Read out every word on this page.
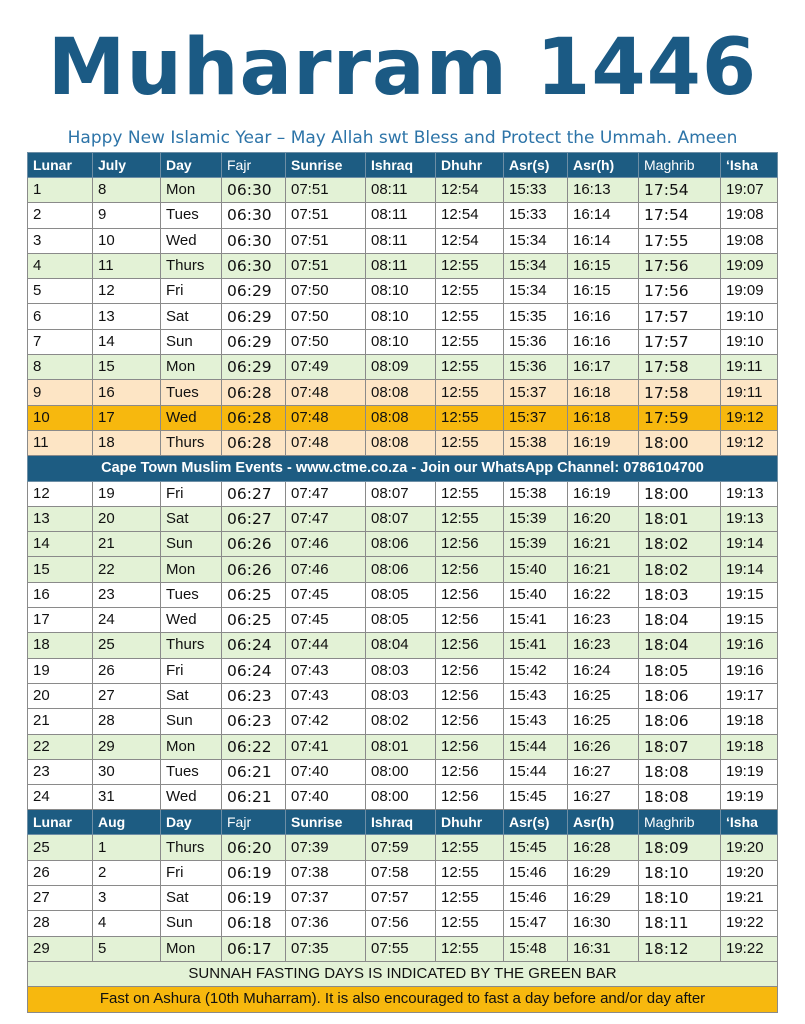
Muharram 1446
Happy New Islamic Year – May Allah swt Bless and Protect the Ummah. Ameen
Lunar	July	Day	Fajr	Sunrise	Ishraq	Dhuhr	Asr(s)	Asr(h)	Maghrib	‘Isha
1	8	Mon	06:30	07:51	08:11	12:54	15:33	16:13	17:54	19:07
2	9	Tues	06:30	07:51	08:11	12:54	15:33	16:14	17:54	19:08
3	10	Wed	06:30	07:51	08:11	12:54	15:34	16:14	17:55	19:08
4	11	Thurs	06:30	07:51	08:11	12:55	15:34	16:15	17:56	19:09
5	12	Fri	06:29	07:50	08:10	12:55	15:34	16:15	17:56	19:09
6	13	Sat	06:29	07:50	08:10	12:55	15:35	16:16	17:57	19:10
7	14	Sun	06:29	07:50	08:10	12:55	15:36	16:16	17:57	19:10
8	15	Mon	06:29	07:49	08:09	12:55	15:36	16:17	17:58	19:11
9	16	Tues	06:28	07:48	08:08	12:55	15:37	16:18	17:58	19:11
10	17	Wed	06:28	07:48	08:08	12:55	15:37	16:18	17:59	19:12
11	18	Thurs	06:28	07:48	08:08	12:55	15:38	16:19	18:00	19:12
Cape Town Muslim Events - www.ctme.co.za - Join our WhatsApp Channel: 0786104700										
12	19	Fri	06:27	07:47	08:07	12:55	15:38	16:19	18:00	19:13
13	20	Sat	06:27	07:47	08:07	12:55	15:39	16:20	18:01	19:13
14	21	Sun	06:26	07:46	08:06	12:56	15:39	16:21	18:02	19:14
15	22	Mon	06:26	07:46	08:06	12:56	15:40	16:21	18:02	19:14
16	23	Tues	06:25	07:45	08:05	12:56	15:40	16:22	18:03	19:15
17	24	Wed	06:25	07:45	08:05	12:56	15:41	16:23	18:04	19:15
18	25	Thurs	06:24	07:44	08:04	12:56	15:41	16:23	18:04	19:16
19	26	Fri	06:24	07:43	08:03	12:56	15:42	16:24	18:05	19:16
20	27	Sat	06:23	07:43	08:03	12:56	15:43	16:25	18:06	19:17
21	28	Sun	06:23	07:42	08:02	12:56	15:43	16:25	18:06	19:18
22	29	Mon	06:22	07:41	08:01	12:56	15:44	16:26	18:07	19:18
23	30	Tues	06:21	07:40	08:00	12:56	15:44	16:27	18:08	19:19
24	31	Wed	06:21	07:40	08:00	12:56	15:45	16:27	18:08	19:19
Lunar	Aug	Day	Fajr	Sunrise	Ishraq	Dhuhr	Asr(s)	Asr(h)	Maghrib	‘Isha
25	1	Thurs	06:20	07:39	07:59	12:55	15:45	16:28	18:09	19:20
26	2	Fri	06:19	07:38	07:58	12:55	15:46	16:29	18:10	19:20
27	3	Sat	06:19	07:37	07:57	12:55	15:46	16:29	18:10	19:21
28	4	Sun	06:18	07:36	07:56	12:55	15:47	16:30	18:11	19:22
29	5	Mon	06:17	07:35	07:55	12:55	15:48	16:31	18:12	19:22
SUNNAH FASTING DAYS IS INDICATED BY THE GREEN BAR										
Fast on Ashura (10th Muharram). It is also encouraged to fast a day before and/or day after										
